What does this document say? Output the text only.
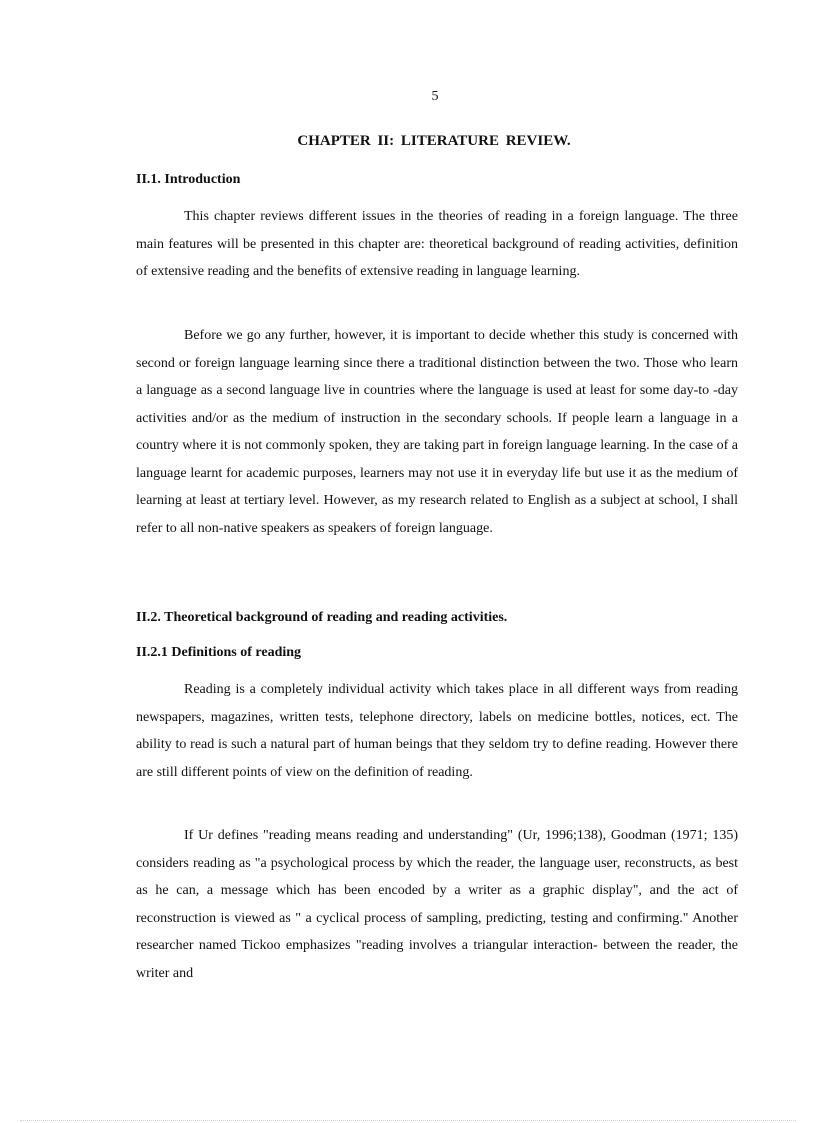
5
CHAPTER II: LITERATURE REVIEW.
II.1. Introduction
This chapter reviews different issues in the theories of reading in a foreign language. The three main features will be presented in this chapter are: theoretical background of reading activities, definition of extensive reading and the benefits of extensive reading in language learning.
Before we go any further, however, it is important to decide whether this study is concerned with second or foreign language learning since there a traditional distinction between the two. Those who learn a language as a second language live in countries where the language is used at least for some day-to -day activities and/or as the medium of instruction in the secondary schools. If people learn a language in a country where it is not commonly spoken, they are taking part in foreign language learning. In the case of a language learnt for academic purposes, learners may not use it in everyday life but use it as the medium of learning at least at tertiary level. However, as my research related to English as a subject at school, I shall refer to all non-native speakers as speakers of foreign language.
II.2. Theoretical background of reading and reading activities.
II.2.1 Definitions of reading
Reading is a completely individual activity which takes place in all different ways from reading newspapers, magazines, written tests, telephone directory, labels on medicine bottles, notices, ect. The ability to read is such a natural part of human beings that they seldom try to define reading. However there are still different points of view on the definition of reading.
If Ur defines "reading means reading and understanding" (Ur, 1996;138), Goodman (1971; 135) considers reading as "a psychological process by which the reader, the language user, reconstructs, as best as he can, a message which has been encoded by a writer as a graphic display", and the act of reconstruction is viewed as " a cyclical process of sampling, predicting, testing and confirming." Another researcher named Tickoo emphasizes "reading involves a triangular interaction- between the reader, the writer and
